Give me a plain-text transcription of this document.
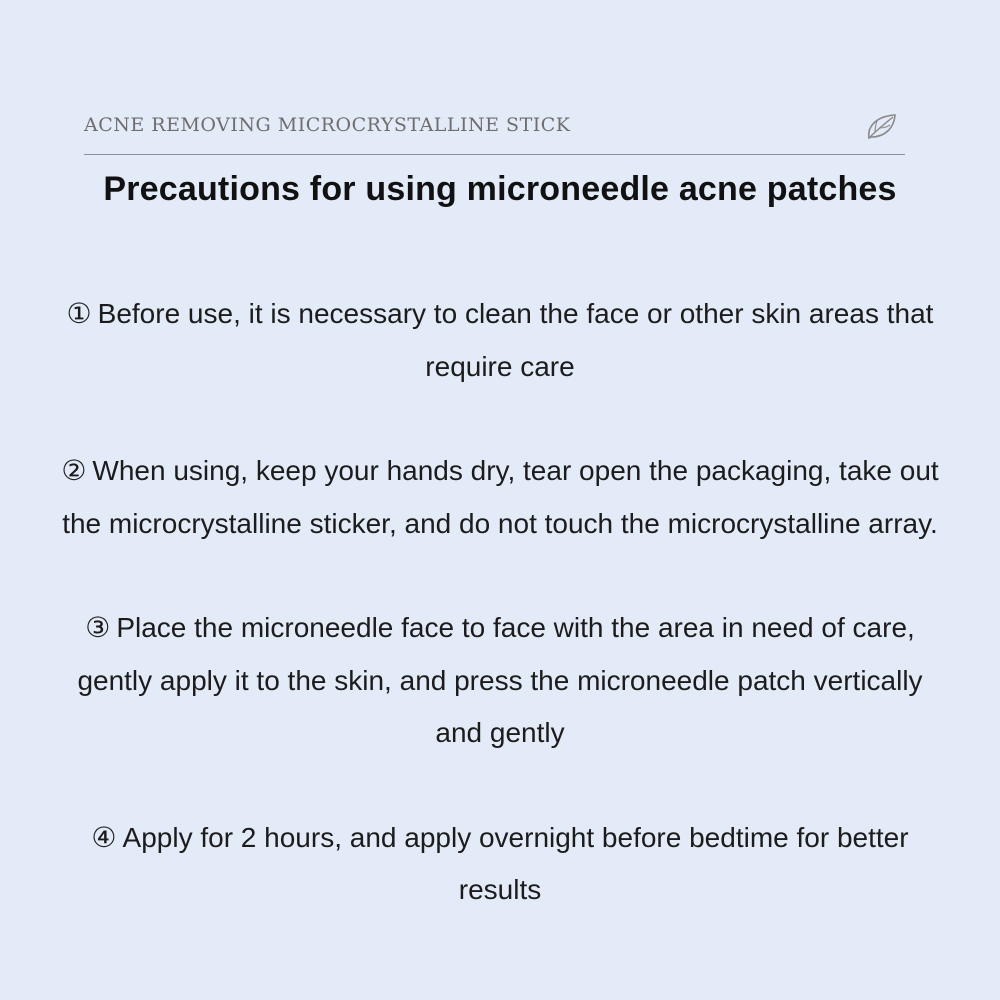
ACNE REMOVING MICROCRYSTALLINE STICK
Precautions for using microneedle acne patches
① Before use, it is necessary to clean the face or other skin areas that require care
② When using, keep your hands dry, tear open the packaging, take out the microcrystalline sticker, and do not touch the microcrystalline array.
③ Place the microneedle face to face with the area in need of care, gently apply it to the skin, and press the microneedle patch vertically and gently
④ Apply for 2 hours, and apply overnight before bedtime for better results
